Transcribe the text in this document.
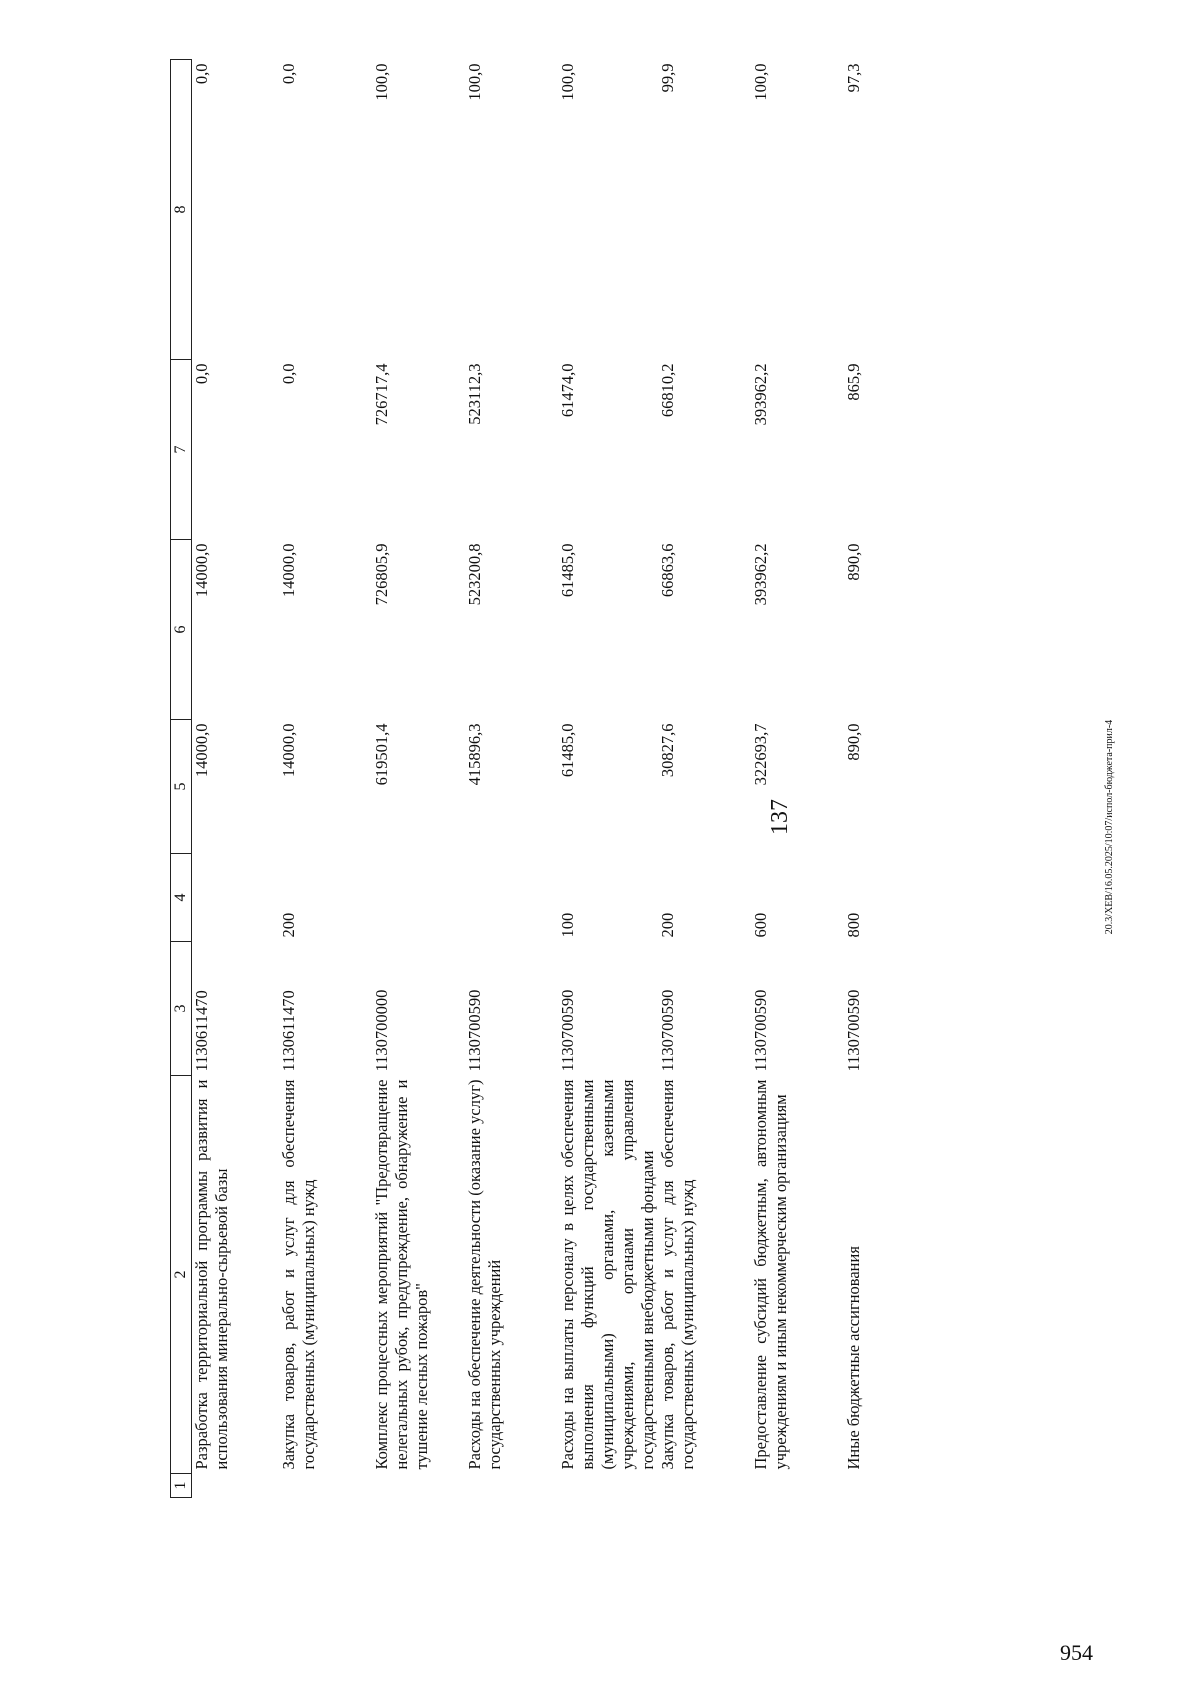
137	20.3/XEB/16.05.2025/10:07/испол-бюджета-прил-4
954
1	2	3	4	5	6	7	8
	Разработка территориальной программы развития и использования минерально-сырьевой базы	1130611470		14000,0	14000,0	0,0	0,0
	Закупка товаров, работ и услуг для обеспечения государственных (муниципальных) нужд	1130611470	200	14000,0	14000,0	0,0	0,0
	Комплекс процессных мероприятий "Предотвращение нелегальных рубок, предупреждение, обнаружение и тушение лесных пожаров"	1130700000		619501,4	726805,9	726717,4	100,0
	Расходы на обеспечение деятельности (оказание услуг) государственных учреждений	1130700590		415896,3	523200,8	523112,3	100,0
	Расходы на выплаты персоналу в целях обеспечения выполнения функций государственными (муниципальными) органами, казенными учреждениями, органами управления государственными внебюджетными фондами	1130700590	100	61485,0	61485,0	61474,0	100,0
	Закупка товаров, работ и услуг для обеспечения государственных (муниципальных) нужд	1130700590	200	30827,6	66863,6	66810,2	99,9
	Предоставление субсидий бюджетным, автономным учреждениям и иным некоммерческим организациям	1130700590	600	322693,7	393962,2	393962,2	100,0
	Иные бюджетные ассигнования	1130700590	800	890,0	890,0	865,9	97,3
